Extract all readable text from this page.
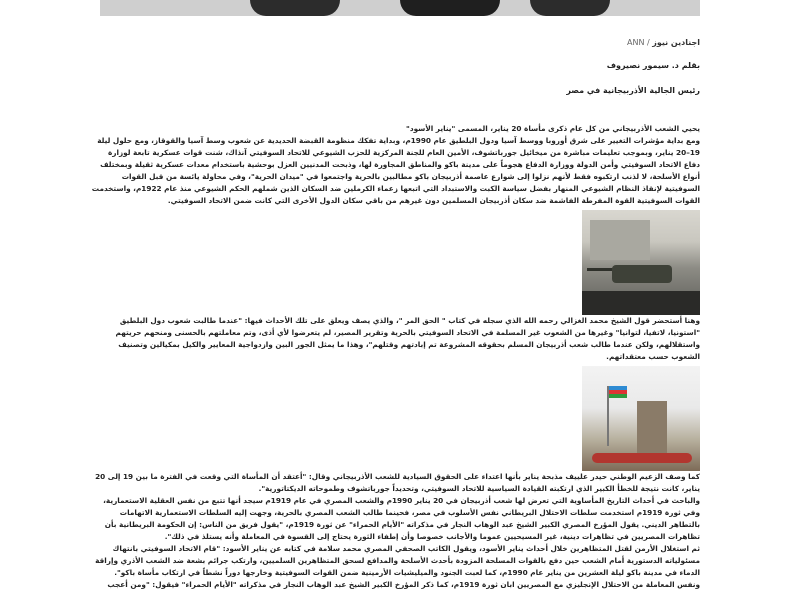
اجنادين نيوز / ANN
بقلم د. سيمور نصيروف
رئيس الجالية الأذربيجانية في مصر

يحيي الشعب الأذربيجاني من كل عام ذكرى مأساة 20 يناير، المسمى "يناير الأسود"

ومع بداية مؤشرات التغيير على شرق أوروبا ووسط آسيا ودول البلطيق عام 1990م، وبداية تفكك منظومة القبضة الحديدية عن شعوب وسط آسيا والقوقاز، ومع حلول ليلة 19–20 يناير، وبموجب تعليمات مباشرة من ميخائيل جورباتشوف، الأمين العام للجنة المركزية للحزب الشيوعي للاتحاد السوفيتي آنذاك، شنت قوات عسكرية تابعة لوزارة دفاع الاتحاد السوفيتي وأمن الدولة ووزارة الدفاع هجوماً على مدينة باكو والمناطق المجاورة لها، وذبحت المدنيين العزل بوحشية باستخدام معدات عسكرية ثقيلة وبمختلف أنواع الأسلحة، لا لذنب ارتكبوه فقط لأنهم نزلوا إلى شوارع عاصمة أذربيجان باكو مطالبين بالحرية واجتمعوا في "ميدان الحرية"، وفي محاولة يائسة من قبل القوات السوفيتية لإنقاذ النظام الشيوعي المنهار بفضل سياسة الكبت والاستبداد التي اتبعها زعماء الكرملين ضد السكان الذين شملهم الحكم الشيوعي منذ عام 1922م، واستخدمت القوات السوفيتية القوة المفرطة الفاشمة ضد سكان أذربيجان المسلمين دون غيرهم من باقي سكان الدول الأخرى التي كانت ضمن الاتحاد السوفيتي.

وهنا أستحضر قول الشيخ محمد الغزالي رحمه الله الذي سجله في كتاب " الحق المر "، والذي يصف ويعلق على تلك الأحداث فيها: "عندما طالبت شعوب دول البلطيق "استونيا، لاتفيا، لتوانيا" وغيرها من الشعوب غير المسلمة في الاتحاد السوفيتي بالحرية وتقرير المصير، لم يتعرضوا لأي أذى، وتم معاملتهم بالحسنى ومنحهم حريتهم واستقلالهم، ولكن عندما طالب شعب أذربيجان المسلم بحقوقه المشروعة تم إبادتهم وقتلهم"، وهذا ما يمثل الجور البين وازدواجية المعايير والكيل بمكيالين وتصنيف الشعوب حسب معتقداتهم.

كما وصف الزعيم الوطني حيدر علييف مذبحة يناير بأنها اعتداء على الحقوق السيادية للشعب الأذربيجاني وقال: "أعتقد أن المأساة التي وقعت في الفترة ما بين 19 إلى 20 يناير، كانت نتيجة للخطأ الكبير الذي ارتكبته القيادة السياسية للاتحاد السوفيتي، وتحديداً جورباتشوف وطموحاته الديكتاتورية".

والباحث في أحداث التاريخ المأساوية التي تعرض لها شعب أذربيجان في 20 يناير 1990م والشعب المصري في عام 1919م سيجد أنها تتبع من نفس العقلية الاستعمارية، وفي ثورة 1919م استخدمت سلطات الاحتلال البريطاني نفس الأسلوب في مصر، فحينما طالب الشعب المصري بالحرية، وجهت إليه السلطات الاستعمارية الاتهامات بالتطاهر الديني. يقول المؤرخ المصري الكبير الشيخ عبد الوهاب النجار في مذكراته "الأيام الحمراء" عن ثورة 1919م، "يقول فريق من الناس: إن الحكومة البريطانية بأن تظاهرات المصريين في تظاهرات دينية، غير المسيحيين عموما والأجانب خصوصا وأن إطفاء الثورة يحتاج إلى القسوة في المعاملة وأنه يستلذ في ذلك".

ثم استغلال الأرمن لقتل المتظاهرين خلال أحداث يناير الأسود، ويقول الكاتب الصحفي المصري محمد سلامة في كتابه عن يناير الأسود: "قام الاتحاد السوفيتي بانتهاك مسئولياته الدستورية أمام الشعب حين دفع بالقوات المسلحة المزودة بأحدث الأسلحة والمدافع لسحق المتظاهرين السلميين، وارتكب جرائم بشعة ضد الشعب الأذري وإراقة الدماء في مدينة باكو ليلة العشرين من يناير عام 1990م، كما لعبت الجنود والميليشيات الأرمينية ضمن القوات السوفيتية وخارجها دوراً نشطاً في ارتكاب مأساة باكو".

ونفس المعاملة من الاحتلال الإنجليزي مع المصريين ابان ثورة 1919م، كما ذكر المؤرخ الكبير الشيخ عبد الوهاب النجار في مذكراته "الأيام الحمراء" فيقول: "ومن أعجب
